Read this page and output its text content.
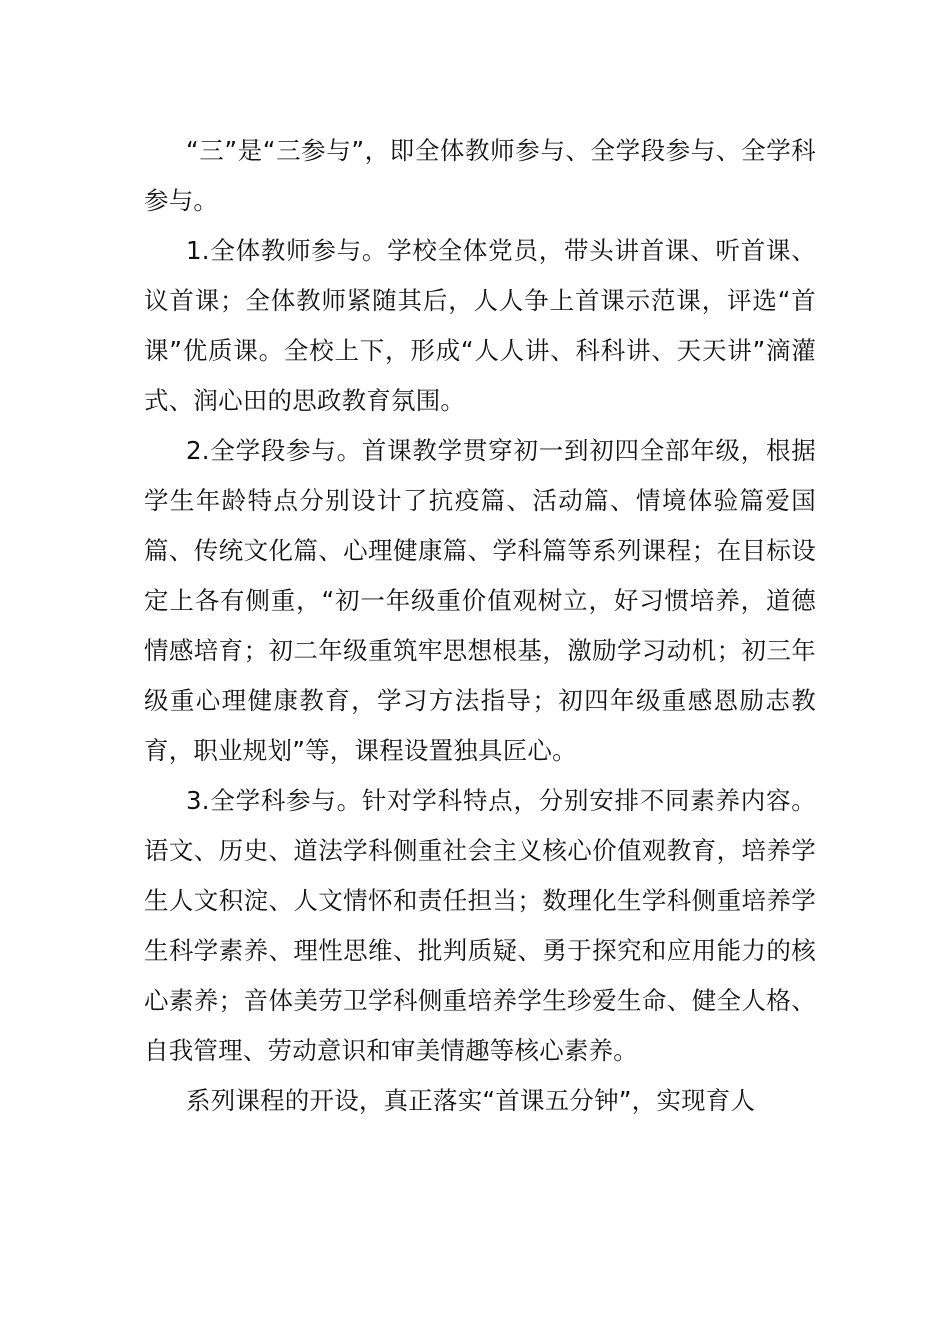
“三”是“三参与”，即全体教师参与、全学段参与、全学科参与。

1.全体教师参与。学校全体党员，带头讲首课、听首课、议首课；全体教师紧随其后，人人争上首课示范课，评选“首课”优质课。全校上下，形成“人人讲、科科讲、天天讲”滴灌式、润心田的思政教育氛围。

2.全学段参与。首课教学贯穿初一到初四全部年级，根据学生年龄特点分别设计了抗疫篇、活动篇、情境体验篇爱国篇、传统文化篇、心理健康篇、学科篇等系列课程；在目标设定上各有侧重，“初一年级重价值观树立，好习惯培养，道德情感培育；初二年级重筑牢思想根基，激励学习动机；初三年级重心理健康教育，学习方法指导；初四年级重感恩励志教育，职业规划”等，课程设置独具匠心。

3.全学科参与。针对学科特点，分别安排不同素养内容。语文、历史、道法学科侧重社会主义核心价值观教育，培养学生人文积淀、人文情怀和责任担当；数理化生学科侧重培养学生科学素养、理性思维、批判质疑、勇于探究和应用能力的核心素养；音体美劳卫学科侧重培养学生珍爱生命、健全人格、自我管理、劳动意识和审美情趣等核心素养。

系列课程的开设，真正落实“首课五分钟”，实现育人
